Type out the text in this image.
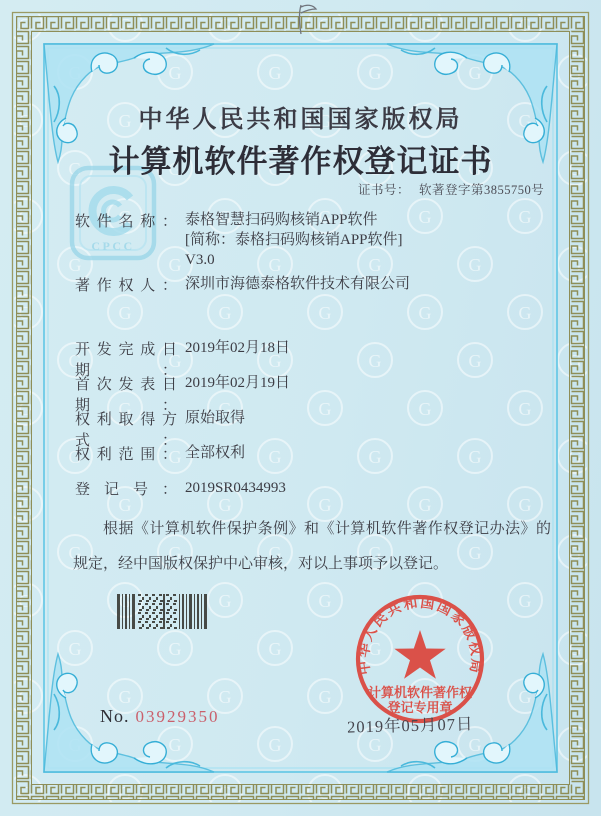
CPCC
中华人民共和国国家版权局
计算机软件著作权登记证书
证书号： 软著登字第3855750号
软件名称： 泰格智慧扫码购核销APP软件
[简称：泰格扫码购核销APP软件]
V3.0
著作权人： 深圳市海德泰格软件技术有限公司
开发完成日期：
2019年02月18日
首次发表日期：
2019年02月19日
权利取得方式：
原始取得
权利范围： 全部权利
登记号： 2019SR0434993

根据《计算机软件保护条例》和《计算机软件著作权登记办法》的规定，经中国版权保护中心审核，对以上事项予以登记。

No. 03929350	2019年05月07日
中华人民共和国国家版权局
计算机软件著作权
登记专用章
